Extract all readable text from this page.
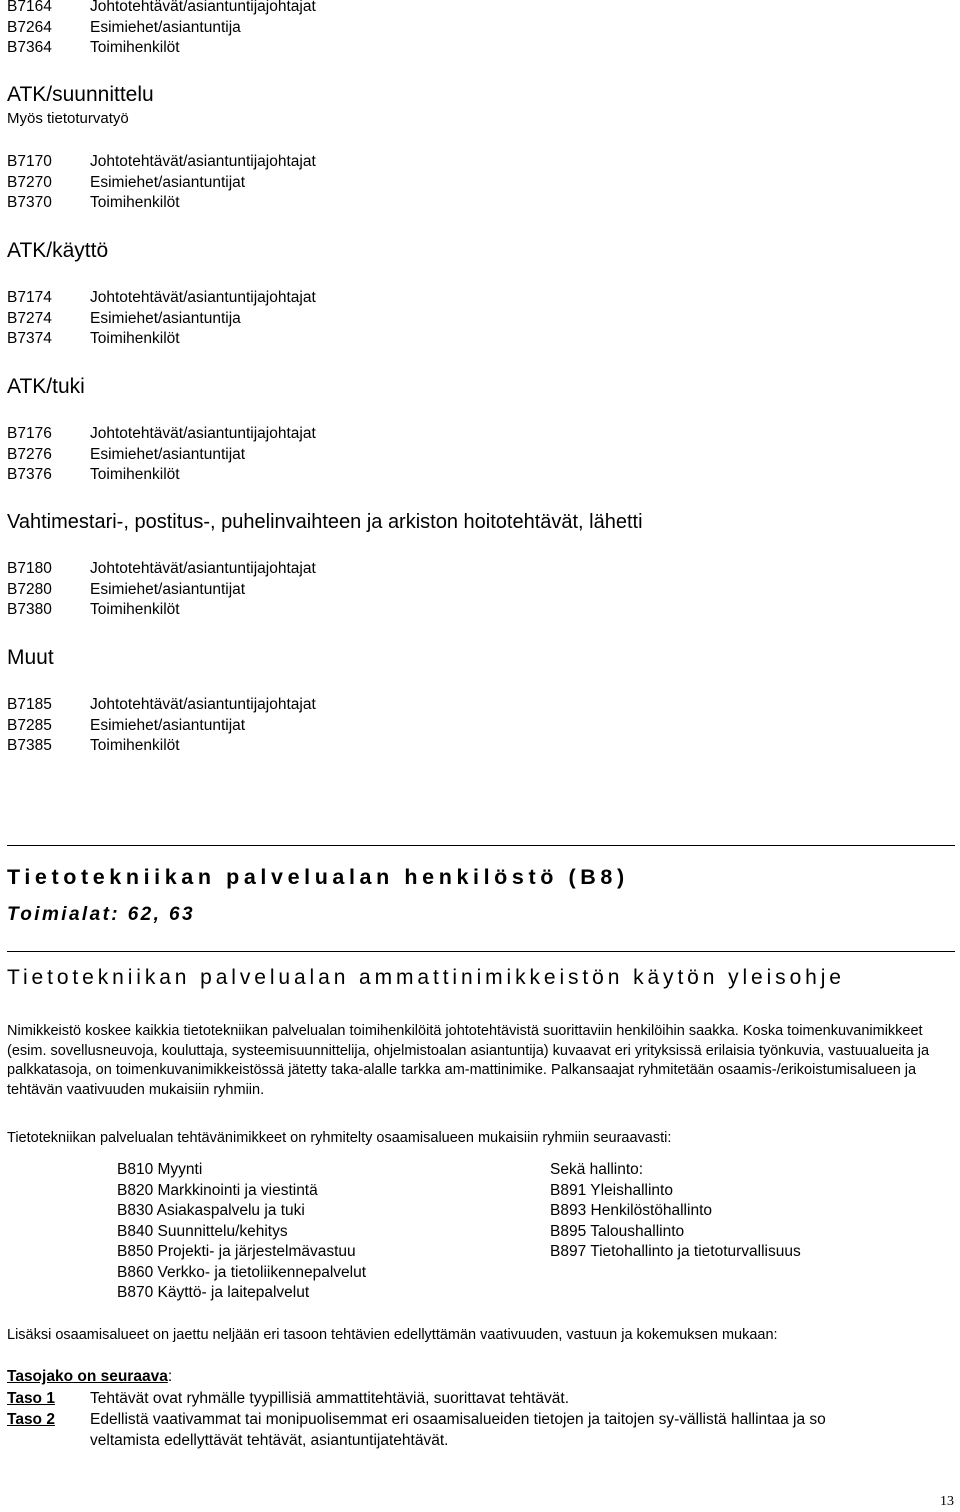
B7164	Johtotehtävät/asiantuntijajohtajat
B7264	Esimiehet/asiantuntija
B7364	Toimihenkilöt
ATK/suunnittelu
Myös tietoturvatyö
B7170	Johtotehtävät/asiantuntijajohtajat
B7270	Esimiehet/asiantuntijat
B7370	Toimihenkilöt
ATK/käyttö
B7174	Johtotehtävät/asiantuntijajohtajat
B7274	Esimiehet/asiantuntija
B7374	Toimihenkilöt
ATK/tuki
B7176	Johtotehtävät/asiantuntijajohtajat
B7276	Esimiehet/asiantuntijat
B7376	Toimihenkilöt
Vahtimestari-, postitus-, puhelinvaihteen ja arkiston hoitotehtävät, lähetti
B7180	Johtotehtävät/asiantuntijajohtajat
B7280	Esimiehet/asiantuntijat
B7380	Toimihenkilöt
Muut
B7185	Johtotehtävät/asiantuntijajohtajat
B7285	Esimiehet/asiantuntijat
B7385	Toimihenkilöt
Tietotekniikan palvelualan henkilöstö (B8)
Toimialat: 62, 63
Tietotekniikan palvelualan ammattinimikkeistön käytön yleisohje
Nimikkeistö koskee kaikkia tietotekniikan palvelualan toimihenkilöitä johtotehtävistä suorittaviin henkilöihin saakka. Koska toimenkuvanimikkeet (esim. sovellusneuvoja, kouluttaja, systeemisuunnittelija, ohjelmistoalan asiantuntija) kuvaavat eri yrityksissä erilaisia työnkuvia, vastuualueita ja palkkatasoja, on toimenkuvanimikkeistössä jätetty taka-alalle tarkka am-mattinimike. Palkansaajat ryhmitetään osaamis-/erikoistumisalueen ja tehtävän vaativuuden mukaisiin ryhmiin.
Tietotekniikan palvelualan tehtävänimikkeet on ryhmitelty osaamisalueen mukaisiin ryhmiin seuraavasti:
B810 Myynti
B820 Markkinointi ja viestintä
B830 Asiakaspalvelu ja tuki
B840 Suunnittelu/kehitys
B850 Projekti- ja järjestelmävastuu
B860 Verkko- ja tietoliikennepalvelut
B870 Käyttö- ja laitepalvelut
Sekä hallinto:
B891 Yleishallinto
B893 Henkilöstöhallinto
B895 Taloushallinto
B897 Tietohallinto ja tietoturvallisuus
Lisäksi osaamisalueet on jaettu neljään eri tasoon tehtävien edellyttämän vaativuuden, vastuun ja kokemuksen mukaan:
Tasojako on seuraava:
Taso 1	Tehtävät ovat ryhmälle tyypillisiä ammattitehtäviä, suorittavat tehtävät.
Taso 2	Edellistä vaativammat tai monipuolisemmat eri osaamisalueiden tietojen ja taitojen sy-vällistä hallintaa ja so
veltamista edellyttävät tehtävät, asiantuntijatehtävät.
13
